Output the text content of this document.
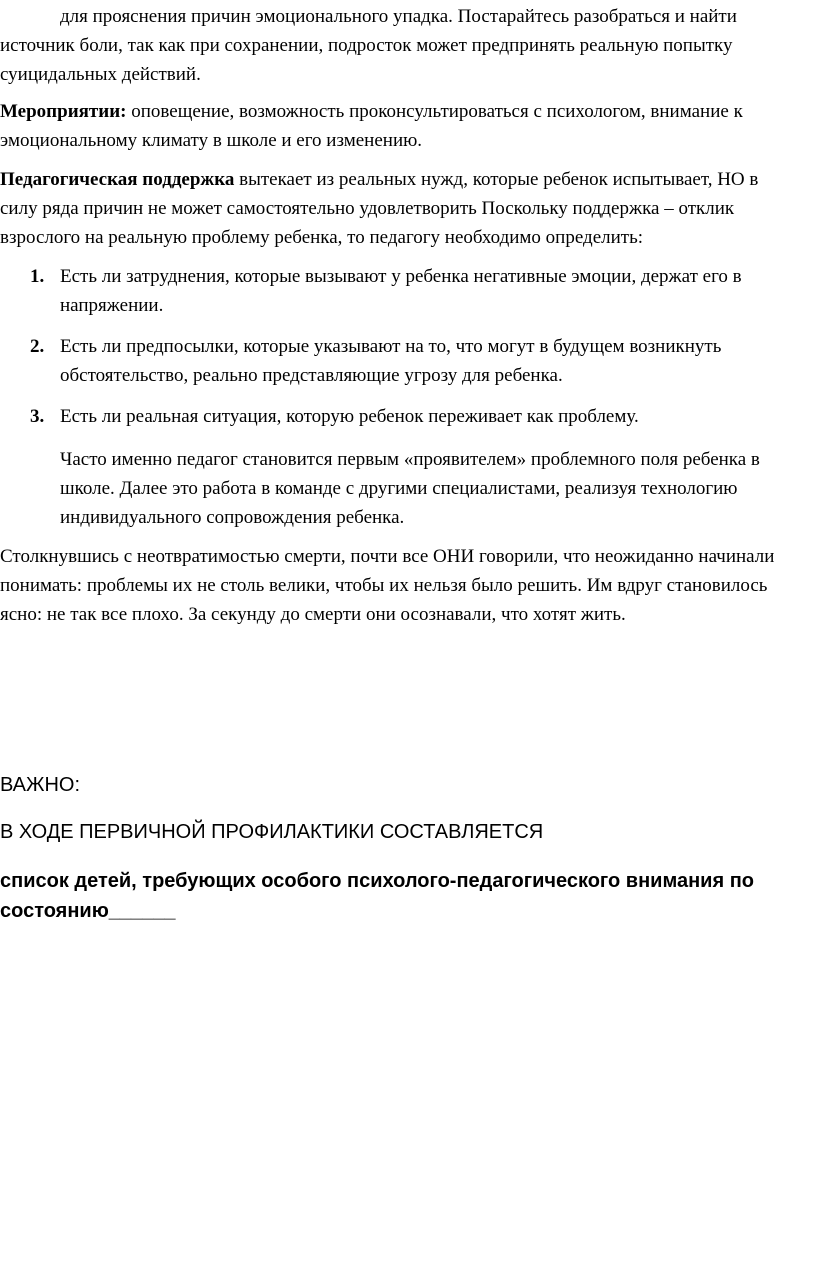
для прояснения причин эмоционального упадка. Постарайтесь разобраться и найти источник боли, так как при сохранении, подросток может предпринять реальную попытку суицидальных действий.

Мероприятии: оповещение, возможность проконсультироваться с психологом, внимание к эмоциональному климату в школе и его изменению.

Педагогическая поддержка вытекает из реальных нужд, которые ребенок испытывает, НО в силу ряда причин не может самостоятельно удовлетворить Поскольку поддержка – отклик взрослого на реальную проблему ребенка, то педагогу необходимо определить:

1. Есть ли затруднения, которые вызывают у ребенка негативные эмоции, держат его в напряжении.
2. Есть ли предпосылки, которые указывают на то, что могут в будущем возникнуть обстоятельство, реально представляющие угрозу для ребенка.
3. Есть ли реальная ситуация, которую ребенок переживает как проблему.
Часто именно педагог становится первым «проявителем» проблемного поля ребенка в школе. Далее это работа в команде с другими специалистами, реализуя технологию индивидуального сопровождения ребенка.

Столкнувшись с неотвратимостью смерти, почти все ОНИ говорили, что неожиданно начинали понимать: проблемы их не столь велики, чтобы их нельзя было решить. Им вдруг становилось ясно: не так все плохо. За секунду до смерти они осознавали, что хотят жить.

ВАЖНО:

В ХОДЕ ПЕРВИЧНОЙ ПРОФИЛАКТИКИ СОСТАВЛЯЕТСЯ

список детей, требующих особого психолого-педагогического внимания по состоянию______
